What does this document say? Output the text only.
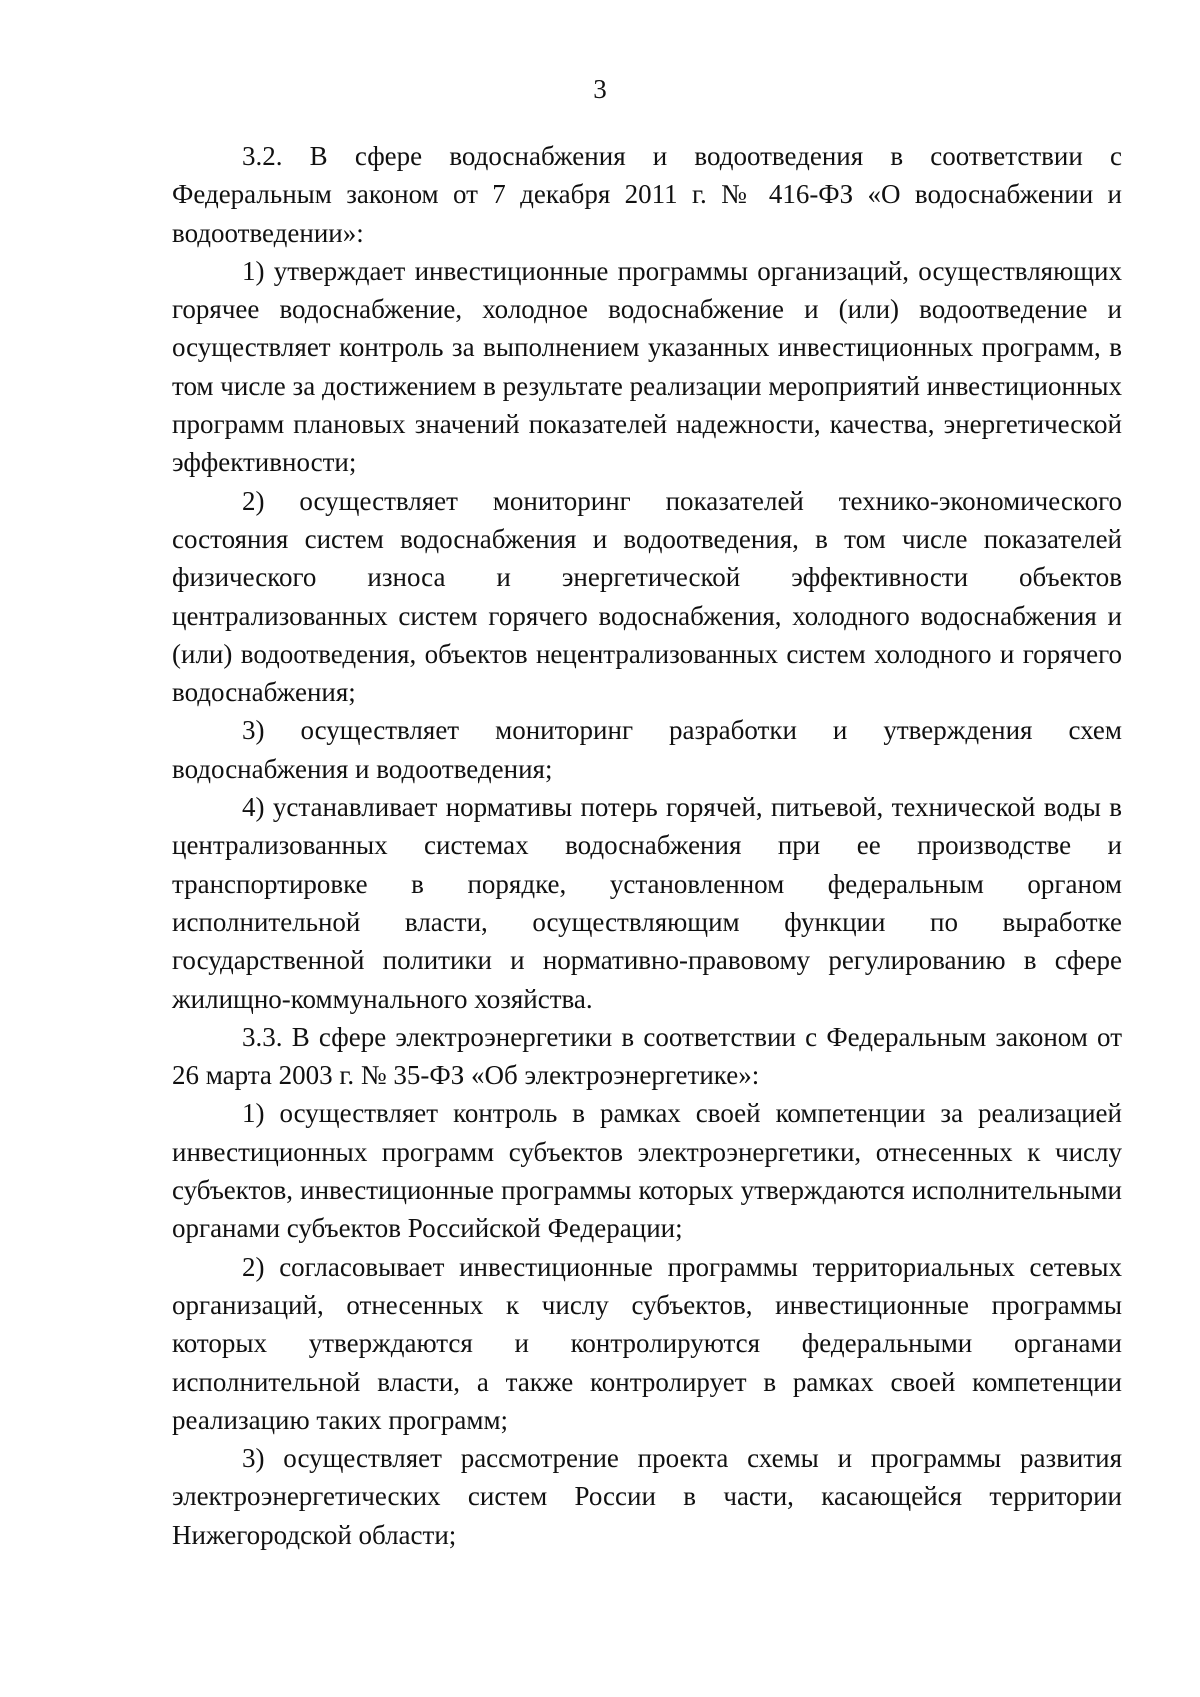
3

3.2. В сфере водоснабжения и водоотведения в соответствии с Федеральным законом от 7 декабря 2011 г. № 416-ФЗ «О водоснабжении и водоотведении»:

1) утверждает инвестиционные программы организаций, осуществляющих горячее водоснабжение, холодное водоснабжение и (или) водоотведение и осуществляет контроль за выполнением указанных инвестиционных программ, в том числе за достижением в результате реализации мероприятий инвестиционных программ плановых значений показателей надежности, качества, энергетической эффективности;

2) осуществляет мониторинг показателей технико-экономического состояния систем водоснабжения и водоотведения, в том числе показателей физического износа и энергетической эффективности объектов централизованных систем горячего водоснабжения, холодного водоснабжения и (или) водоотведения, объектов нецентрализованных систем холодного и горячего водоснабжения;

3) осуществляет мониторинг разработки и утверждения схем водоснабжения и водоотведения;

4) устанавливает нормативы потерь горячей, питьевой, технической воды в централизованных системах водоснабжения при ее производстве и транспортировке в порядке, установленном федеральным органом исполнительной власти, осуществляющим функции по выработке государственной политики и нормативно-правовому регулированию в сфере жилищно-коммунального хозяйства.

3.3. В сфере электроэнергетики в соответствии с Федеральным законом от 26 марта 2003 г. № 35-ФЗ «Об электроэнергетике»:

1) осуществляет контроль в рамках своей компетенции за реализацией инвестиционных программ субъектов электроэнергетики, отнесенных к числу субъектов, инвестиционные программы которых утверждаются исполнительными органами субъектов Российской Федерации;

2) согласовывает инвестиционные программы территориальных сетевых организаций, отнесенных к числу субъектов, инвестиционные программы которых утверждаются и контролируются федеральными органами исполнительной власти, а также контролирует в рамках своей компетенции реализацию таких программ;

3) осуществляет рассмотрение проекта схемы и программы развития электроэнергетических систем России в части, касающейся территории Нижегородской области;
